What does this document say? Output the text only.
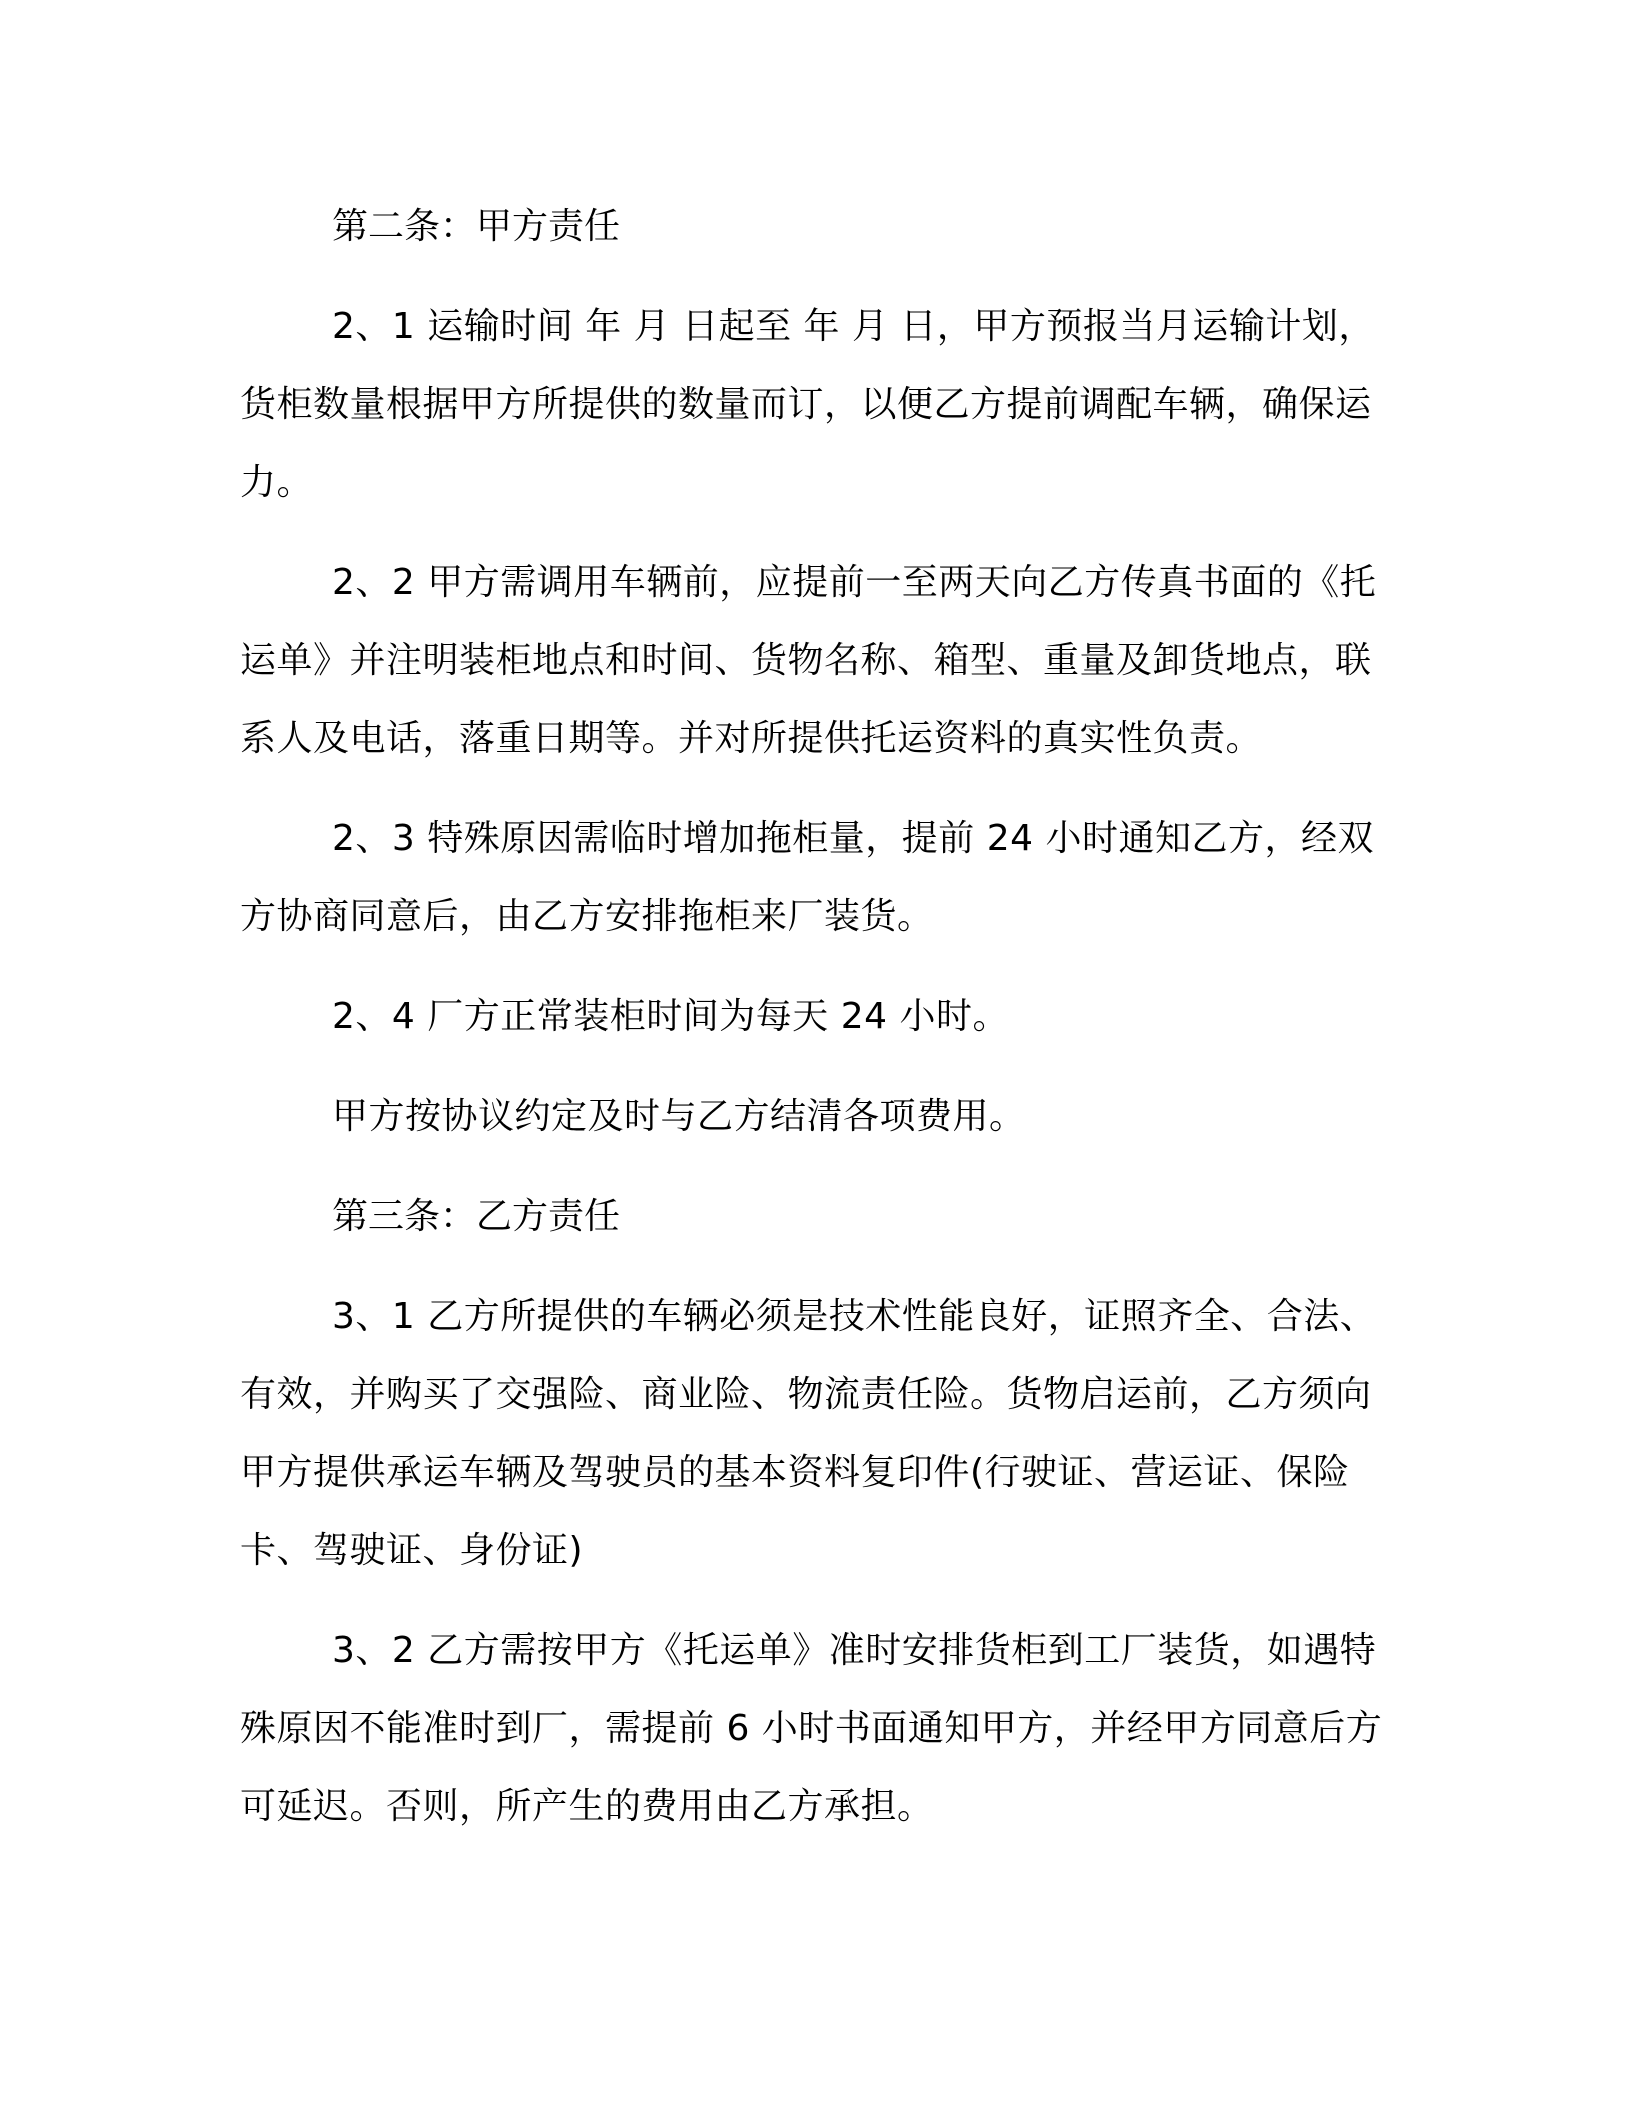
第二条：甲方责任

2、1 运输时间 年 月 日起至 年 月 日，甲方预报当月运输计划，货柜数量根据甲方所提供的数量而订，以便乙方提前调配车辆，确保运力。

2、2 甲方需调用车辆前，应提前一至两天向乙方传真书面的《托运单》并注明装柜地点和时间、货物名称、箱型、重量及卸货地点，联系人及电话，落重日期等。并对所提供托运资料的真实性负责。

2、3 特殊原因需临时增加拖柜量，提前 24 小时通知乙方，经双方协商同意后，由乙方安排拖柜来厂装货。

2、4 厂方正常装柜时间为每天 24 小时。

甲方按协议约定及时与乙方结清各项费用。

第三条：乙方责任

3、1 乙方所提供的车辆必须是技术性能良好，证照齐全、合法、有效，并购买了交强险、商业险、物流责任险。货物启运前，乙方须向甲方提供承运车辆及驾驶员的基本资料复印件(行驶证、营运证、保险卡、驾驶证、身份证)

3、2 乙方需按甲方《托运单》准时安排货柜到工厂装货，如遇特殊原因不能准时到厂，需提前 6 小时书面通知甲方，并经甲方同意后方可延迟。否则，所产生的费用由乙方承担。
